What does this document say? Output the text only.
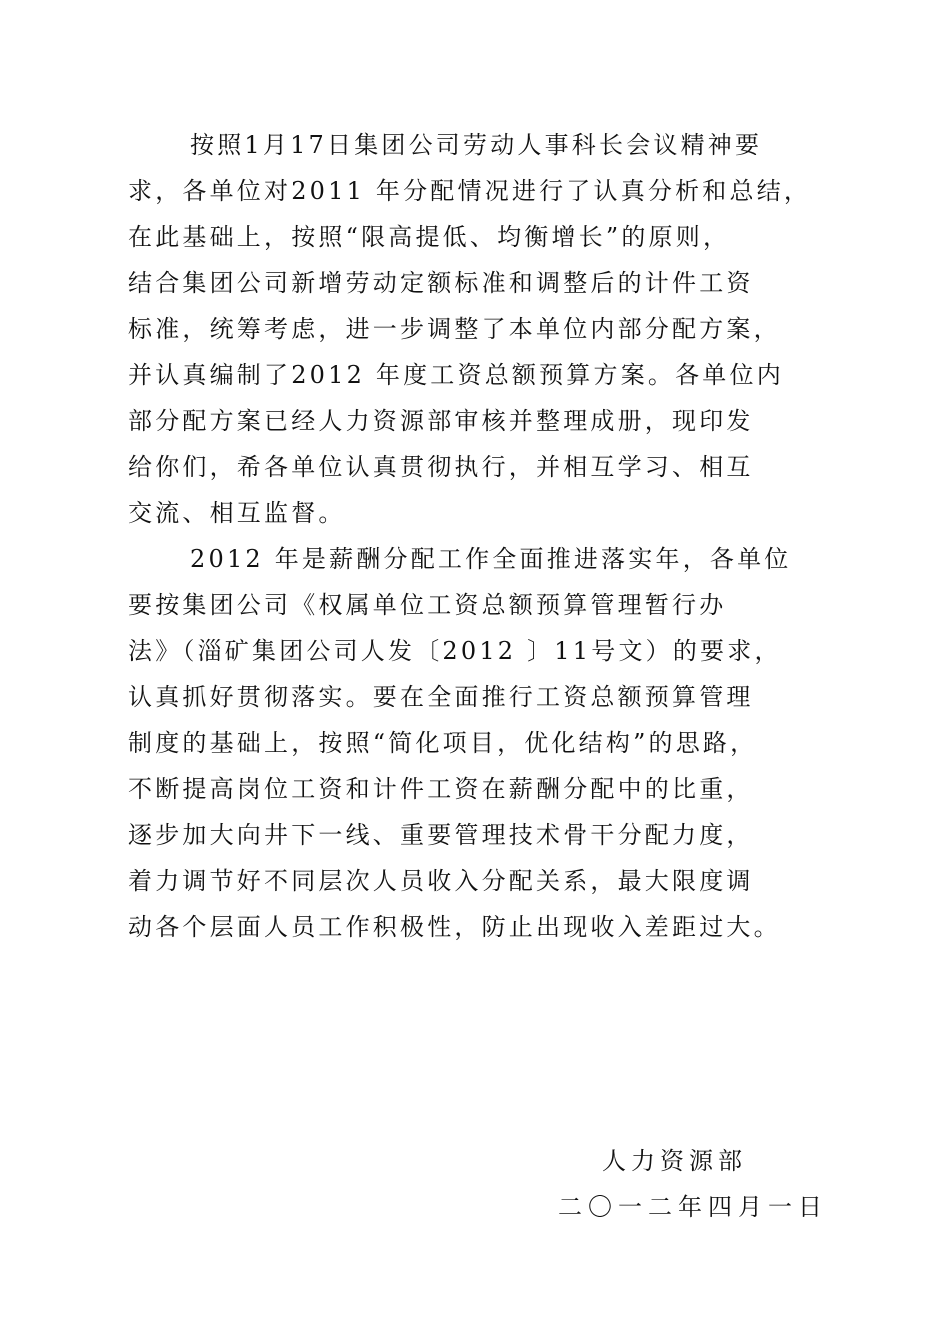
按照1月17日集团公司劳动人事科长会议精神要
求，各单位对2011 年分配情况进行了认真分析和总结，
在此基础上，按照“限高提低、均衡增长”的原则，
结合集团公司新增劳动定额标准和调整后的计件工资
标准，统筹考虑，进一步调整了本单位内部分配方案，
并认真编制了2012 年度工资总额预算方案。各单位内
部分配方案已经人力资源部审核并整理成册，现印发
给你们，希各单位认真贯彻执行，并相互学习、相互
交流、相互监督。
2012 年是薪酬分配工作全面推进落实年，各单位
要按集团公司《权属单位工资总额预算管理暂行办
法》（淄矿集团公司人发〔2012 〕11号文）的要求，
认真抓好贯彻落实。要在全面推行工资总额预算管理
制度的基础上，按照“简化项目，优化结构”的思路，
不断提高岗位工资和计件工资在薪酬分配中的比重，
逐步加大向井下一线、重要管理技术骨干分配力度，
着力调节好不同层次人员收入分配关系，最大限度调
动各个层面人员工作积极性，防止出现收入差距过大。
人力资源部
二〇一二年四月一日
